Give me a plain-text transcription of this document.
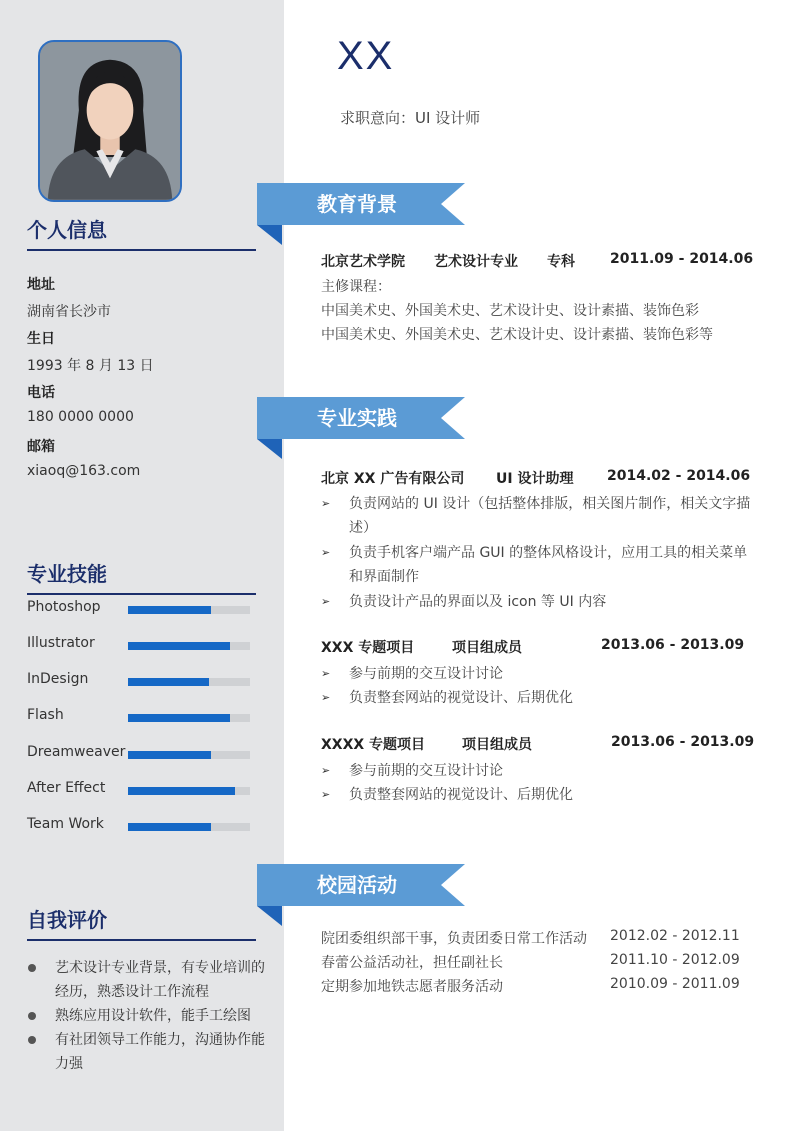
个人信息
地址
湖南省长沙市
生日
1993 年 8 月 13 日
电话
180 0000 0000
邮箱
xiaoq@163.com
专业技能
Photoshop
Illustrator
InDesign
Flash
Dreamweaver
After Effect
Team Work
自我评价
艺术设计专业背景，有专业培训的经历，熟悉设计工作流程
熟练应用设计软件，能手工绘图
有社团领导工作能力，沟通协作能力强
XX
求职意向：UI 设计师
教育背景
北京艺术学院 艺术设计专业 专科	2011.09 - 2014.06
主修课程：
中国美术史、外国美术史、艺术设计史、设计素描、装饰色彩
中国美术史、外国美术史、艺术设计史、设计素描、装饰色彩等
专业实践
北京 XX 广告有限公司 UI 设计助理 2014.02 - 2014.06
➢	负责网站的 UI 设计（包括整体排版，相关图片制作，相关文字描述）
➢	负责手机客户端产品 GUI 的整体风格设计，应用工具的相关菜单和界面制作
➢	负责设计产品的界面以及 icon 等 UI 内容
XXX 专题项目	项目组成员	2013.06 - 2013.09
➢	参与前期的交互设计讨论
➢	负责整套网站的视觉设计、后期优化
XXXX 专题项目	项目组成员	2013.06 - 2013.09
➢	参与前期的交互设计讨论
➢	负责整套网站的视觉设计、后期优化
校园活动
院团委组织部干事，负责团委日常工作活动 2012.02 - 2012.11
春蕾公益活动社，担任副社长	2011.10 - 2012.09
定期参加地铁志愿者服务活动	2010.09 - 2011.09
